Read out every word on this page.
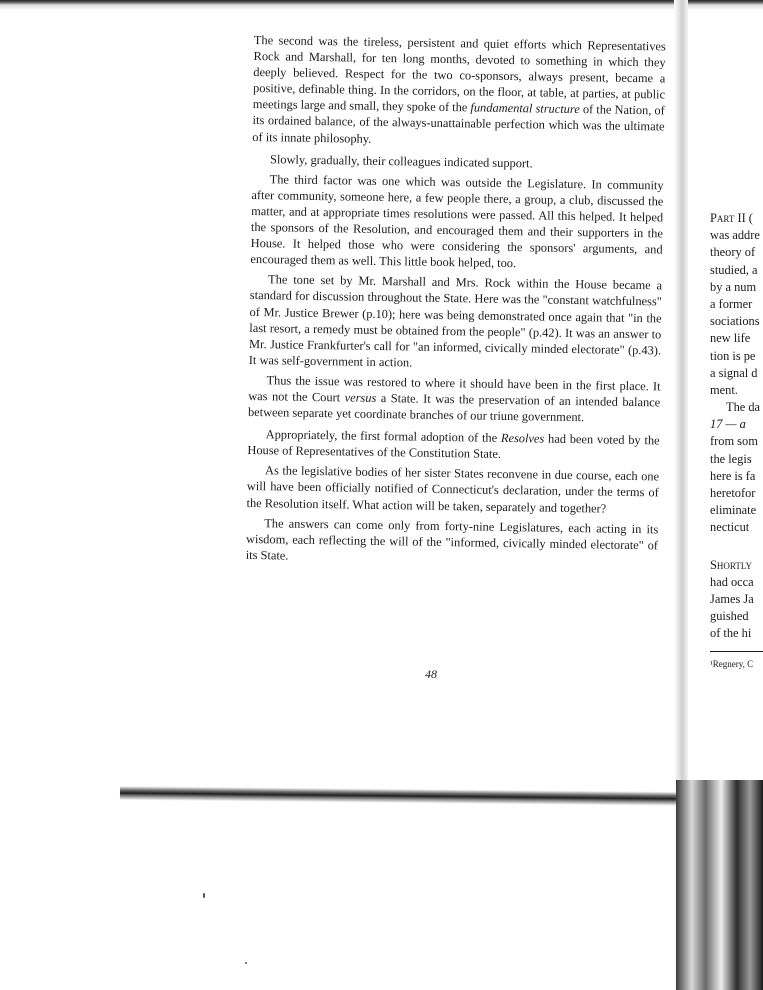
The second was the tireless, persistent and quiet efforts which Representatives Rock and Marshall, for ten long months, devoted to something in which they deeply believed. Respect for the two co-sponsors, always present, became a positive, definable thing. In the corridors, on the floor, at table, at parties, at public meetings large and small, they spoke of the fundamental structure of the Nation, of its ordained balance, of the always-unattainable perfection which was the ultimate of its innate philosophy.

Slowly, gradually, their colleagues indicated support.

The third factor was one which was outside the Legislature. In community after community, someone here, a few people there, a group, a club, discussed the matter, and at appropriate times resolutions were passed. All this helped. It helped the sponsors of the Resolution, and encouraged them and their supporters in the House. It helped those who were considering the sponsors' arguments, and encouraged them as well. This little book helped, too.

The tone set by Mr. Marshall and Mrs. Rock within the House became a standard for discussion throughout the State. Here was the "constant watchfulness" of Mr. Justice Brewer (p.10); here was being demonstrated once again that "in the last resort, a remedy must be obtained from the people" (p.42). It was an answer to Mr. Justice Frankfurter's call for "an informed, civically minded electorate" (p.43). It was self-government in action.

Thus the issue was restored to where it should have been in the first place. It was not the Court versus a State. It was the preservation of an intended balance between separate yet coordinate branches of our triune government.

Appropriately, the first formal adoption of the Resolves had been voted by the House of Representatives of the Constitution State.

As the legislative bodies of her sister States reconvene in due course, each one will have been officially notified of Connecticut's declaration, under the terms of the Resolution itself. What action will be taken, separately and together?

The answers can come only from forty-nine Legislatures, each acting in its wisdom, each reflecting the will of the "informed, civically minded electorate" of its State.

48
Part II (
was addre
theory of
studied, a
by a num
a former
sociations
new life
tion is pe
a signal d
ment.
The da
17 — a
from som
the legis
here is fa
heretofor
eliminate
necticut
Shortly
had occa
James Ja
guished
of the hi
¹Regnery, C
